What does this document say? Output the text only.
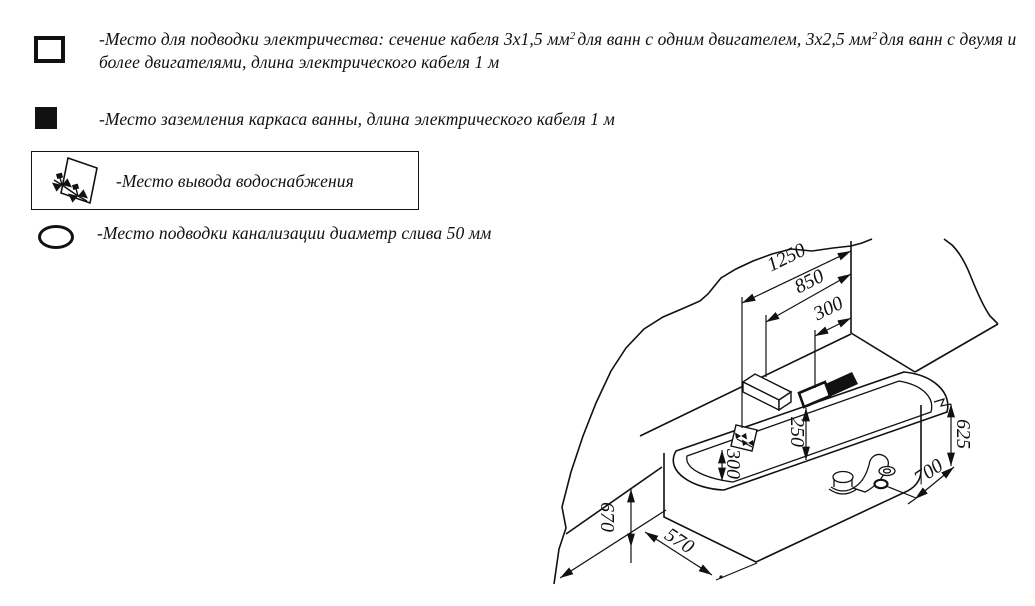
-Место для подводки электричества: сечение кабеля 3х1,5 $мм^2$ для ванн с одним двигателем, 3х2,5 $мм^2$ для ванн с двумя и более двигателями, длина электрического кабеля 1 м
-Место заземления каркаса ванны, длина электрического кабеля 1 м
-Место вывода водоснабжения
-Место подводки канализации диаметр слива 50 мм
1250
850
300
250
300
625
700
670
570
